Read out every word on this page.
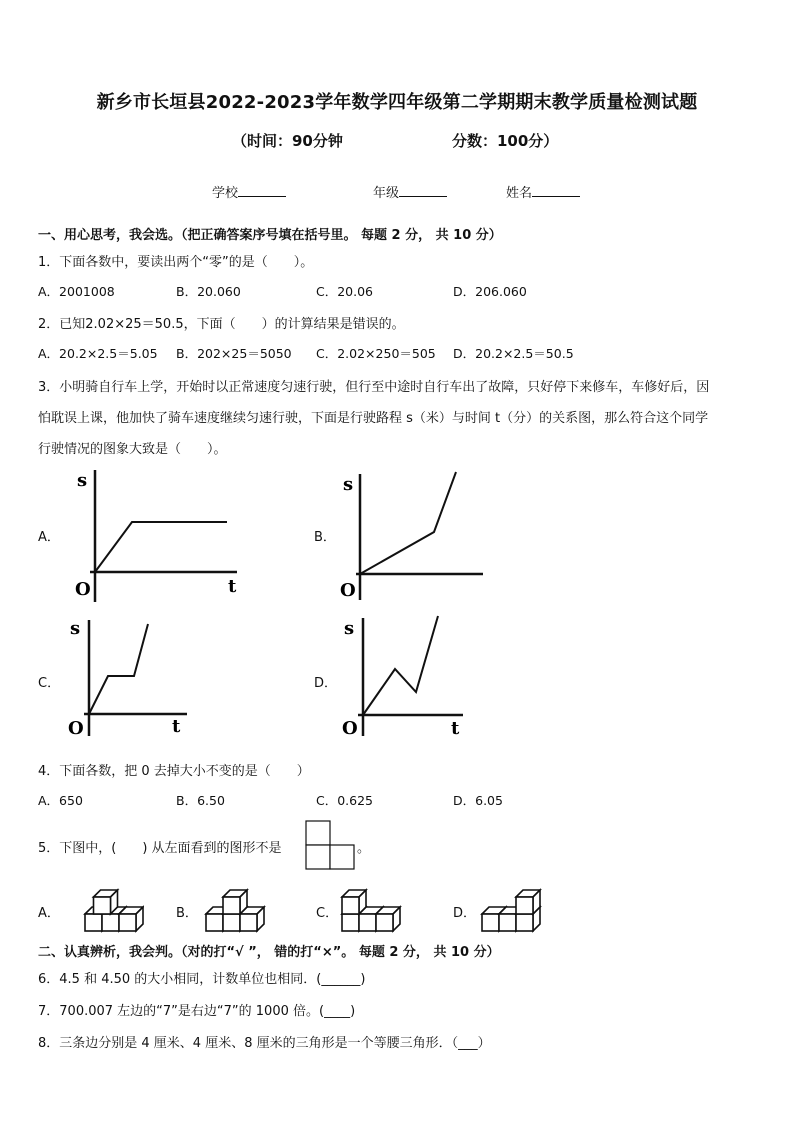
新乡市长垣县2022-2023学年数学四年级第二学期期末教学质量检测试题
（时间：90分钟	分数：100分）
学校	年级	姓名
一、用心思考，我会选。（把正确答案序号填在括号里。 每题 2 分， 共 10 分）
1．下面各数中，要读出两个“零”的是（　　）。
A．2001008	B．20.060	C．20.06	D．206.060
2．已知2.02×25＝50.5，下面（　　）的计算结果是错误的。
A．20.2×2.5＝5.05 B．202×25＝5050 C．2.02×250＝505 D．20.2×2.5＝50.5
3．小明骑自行车上学，开始时以正常速度匀速行驶，但行至中途时自行车出了故障，只好停下来修车，车修好后，因
怕耽误上课，他加快了骑车速度继续匀速行驶，下面是行驶路程 s（米）与时间 t（分）的关系图，那么符合这个同学
行驶情况的图象大致是（　　）。
A．	B．
C．	D．
s
t
O
s
O
s
t
O
s
t
O
4．下面各数，把 0 去掉大小不变的是（　　）
A．650	B．6.50	C．0.625	D．6.05
5．下图中，(　　) 从左面看到的图形不是	。
A．	B．	C．	D．
二、认真辨析，我会判。（对的打“√ ”， 错的打“×”。 每题 2 分， 共 10 分）
6．4.5 和 4.50 的大小相同，计数单位也相同．(______)
7．700.007 左边的“7”是右边“7”的 1000 倍。(____)
8．三条边分别是 4 厘米、4 厘米、8 厘米的三角形是一个等腰三角形．（___）
